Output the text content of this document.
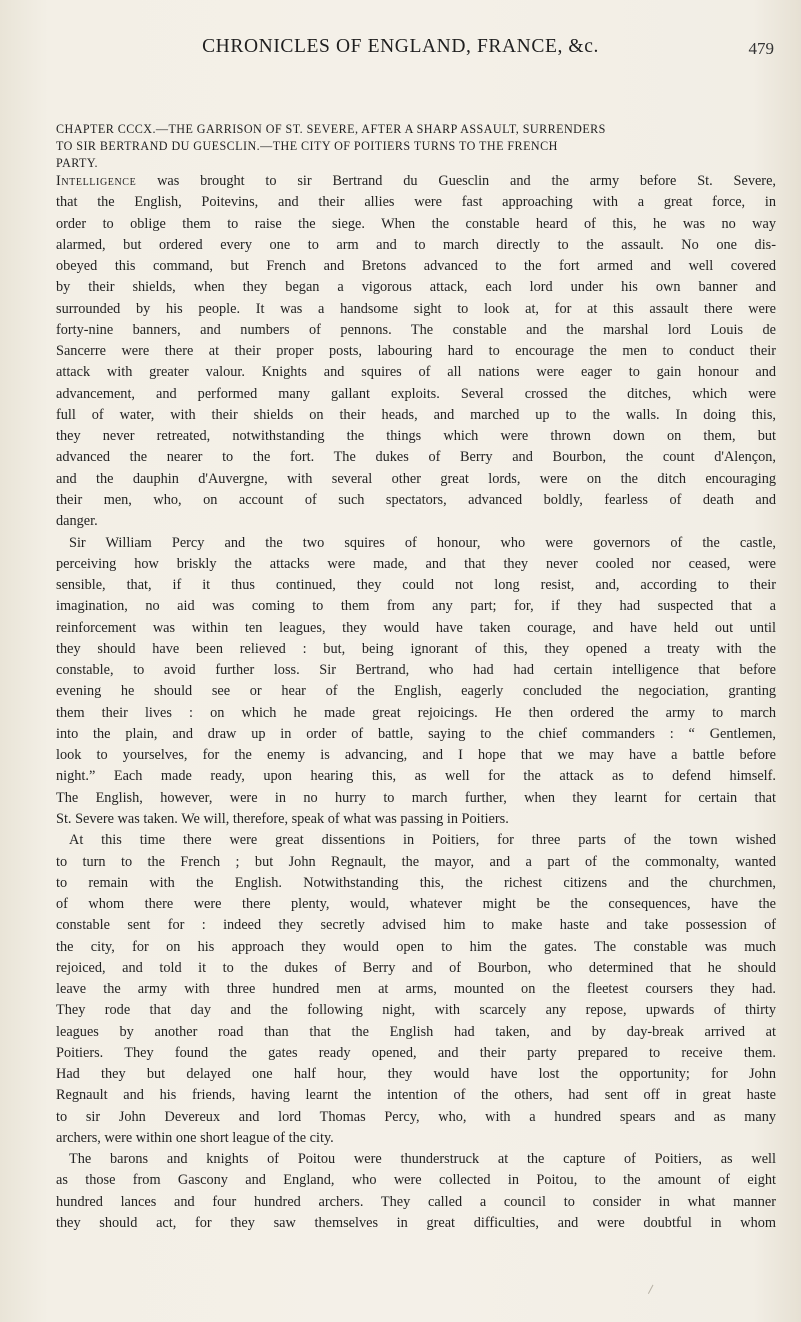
CHRONICLES OF ENGLAND, FRANCE, &c.	479
CHAPTER CCCX.—THE GARRISON OF ST. SEVERE, AFTER A SHARP ASSAULT, SURRENDERS
TO SIR BERTRAND DU GUESCLIN.—THE CITY OF POITIERS TURNS TO THE FRENCH
PARTY.
Intelligence was brought to sir Bertrand du Guesclin and the army before St. Severe,
that the English, Poitevins, and their allies were fast approaching with a great force, in
order to oblige them to raise the siege. When the constable heard of this, he was no way
alarmed, but ordered every one to arm and to march directly to the assault. No one dis-
obeyed this command, but French and Bretons advanced to the fort armed and well covered
by their shields, when they began a vigorous attack, each lord under his own banner and
surrounded by his people. It was a handsome sight to look at, for at this assault there were
forty-nine banners, and numbers of pennons. The constable and the marshal lord Louis de
Sancerre were there at their proper posts, labouring hard to encourage the men to conduct their
attack with greater valour. Knights and squires of all nations were eager to gain honour and
advancement, and performed many gallant exploits. Several crossed the ditches, which were
full of water, with their shields on their heads, and marched up to the walls. In doing this,
they never retreated, notwithstanding the things which were thrown down on them, but
advanced the nearer to the fort. The dukes of Berry and Bourbon, the count d'Alençon,
and the dauphin d'Auvergne, with several other great lords, were on the ditch encouraging
their men, who, on account of such spectators, advanced boldly, fearless of death and
danger.
Sir William Percy and the two squires of honour, who were governors of the castle,
perceiving how briskly the attacks were made, and that they never cooled nor ceased, were
sensible, that, if it thus continued, they could not long resist, and, according to their
imagination, no aid was coming to them from any part; for, if they had suspected that a
reinforcement was within ten leagues, they would have taken courage, and have held out until
they should have been relieved : but, being ignorant of this, they opened a treaty with the
constable, to avoid further loss. Sir Bertrand, who had had certain intelligence that before
evening he should see or hear of the English, eagerly concluded the negociation, granting
them their lives : on which he made great rejoicings. He then ordered the army to march
into the plain, and draw up in order of battle, saying to the chief commanders : “ Gentlemen,
look to yourselves, for the enemy is advancing, and I hope that we may have a battle before
night.” Each made ready, upon hearing this, as well for the attack as to defend himself.
The English, however, were in no hurry to march further, when they learnt for certain that
St. Severe was taken. We will, therefore, speak of what was passing in Poitiers.
At this time there were great dissentions in Poitiers, for three parts of the town wished
to turn to the French ; but John Regnault, the mayor, and a part of the commonalty, wanted
to remain with the English. Notwithstanding this, the richest citizens and the churchmen,
of whom there were there plenty, would, whatever might be the consequences, have the
constable sent for : indeed they secretly advised him to make haste and take possession of
the city, for on his approach they would open to him the gates. The constable was much
rejoiced, and told it to the dukes of Berry and of Bourbon, who determined that he should
leave the army with three hundred men at arms, mounted on the fleetest coursers they had.
They rode that day and the following night, with scarcely any repose, upwards of thirty
leagues by another road than that the English had taken, and by day-break arrived at
Poitiers. They found the gates ready opened, and their party prepared to receive them.
Had they but delayed one half hour, they would have lost the opportunity; for John
Regnault and his friends, having learnt the intention of the others, had sent off in great haste
to sir John Devereux and lord Thomas Percy, who, with a hundred spears and as many
archers, were within one short league of the city.
The barons and knights of Poitou were thunderstruck at the capture of Poitiers, as well
as those from Gascony and England, who were collected in Poitou, to the amount of eight
hundred lances and four hundred archers. They called a council to consider in what manner
they should act, for they saw themselves in great difficulties, and were doubtful in whom
